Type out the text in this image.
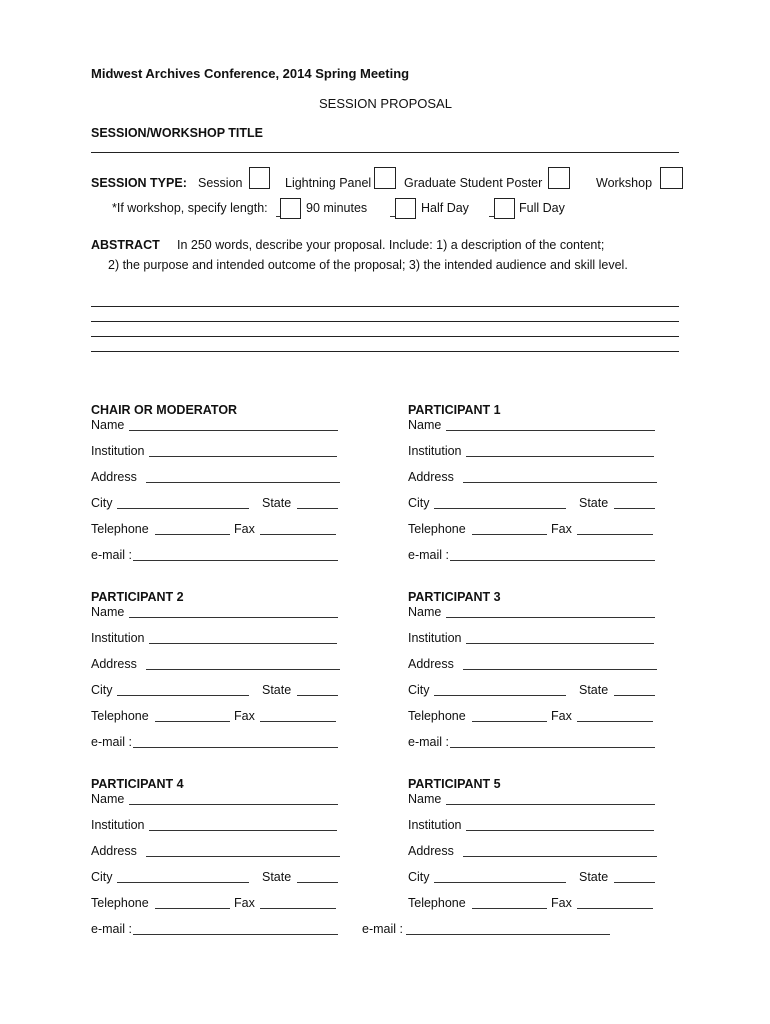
Midwest Archives Conference, 2014 Spring Meeting
SESSION PROPOSAL
SESSION/WORKSHOP TITLE
SESSION TYPE: Session	Lightning Panel	Graduate Student Poster	Workshop
*If workshop, specify length:	90 minutes	Half Day	Full Day
ABSTRACT In 250 words, describe your proposal. Include: 1) a description of the content;
2) the purpose and intended outcome of the proposal; 3) the intended audience and skill level.
CHAIR OR MODERATOR
Name
Institution
Address
City	State
Telephone	Fax
e-mail :
PARTICIPANT 1
Name
Institution
Address
City	State
Telephone	Fax
e-mail :
PARTICIPANT 2
Name
Institution
Address
City	State
Telephone	Fax
e-mail :
PARTICIPANT 3
Name
Institution
Address
City	State
Telephone	Fax
e-mail :
PARTICIPANT 4
Name
Institution
Address
City	State
Telephone	Fax
e-mail :
PARTICIPANT 5
Name
Institution
Address
City	State
Telephone	Fax
e-mail :
